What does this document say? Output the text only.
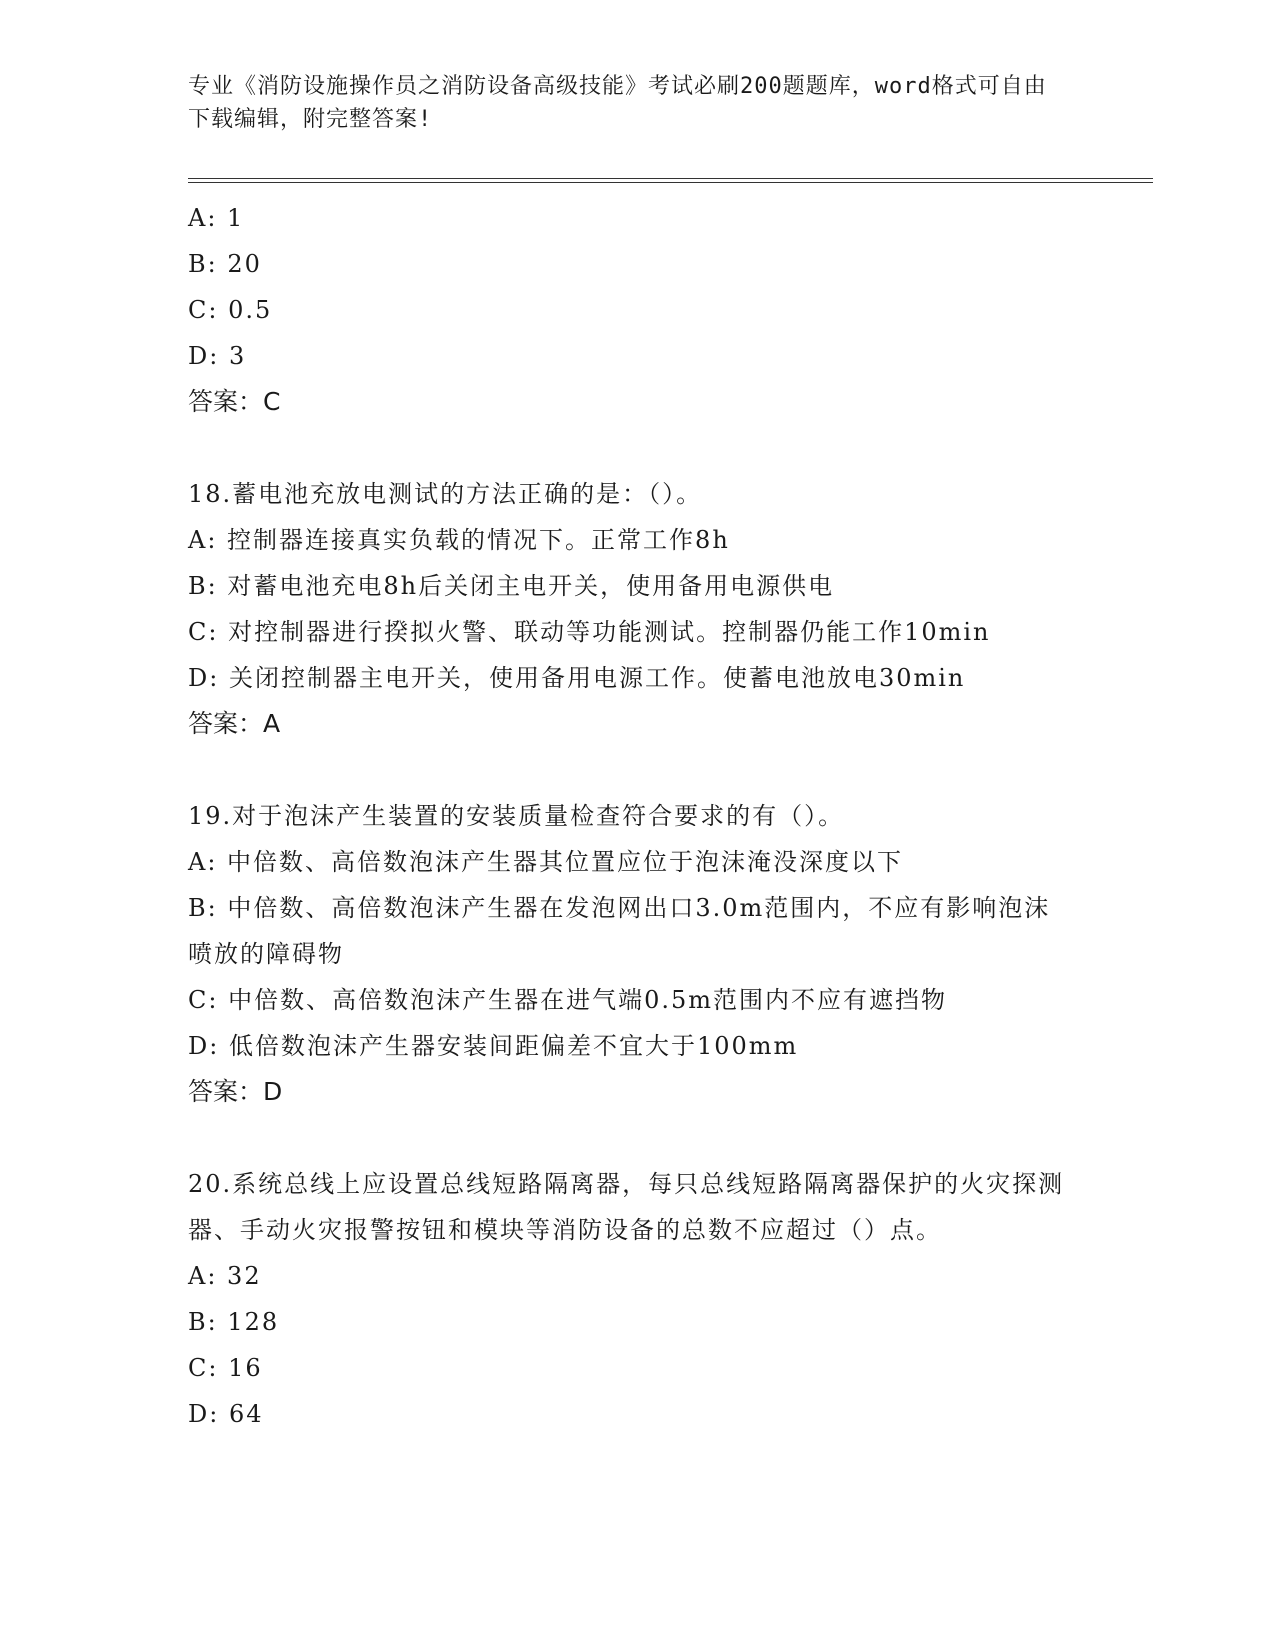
专业《消防设施操作员之消防设备高级技能》考试必刷200题题库，word格式可自由下载编辑，附完整答案!

A: 1
B: 20
C: 0.5
D: 3
答案：C
18.蓄电池充放电测试的方法正确的是：（）。
A: 控制器连接真实负载的情况下。正常工作8h
B: 对蓄电池充电8h后关闭主电开关，使用备用电源供电
C: 对控制器进行揆拟火警、联动等功能测试。控制器仍能工作10min
D: 关闭控制器主电开关，使用备用电源工作。使蓄电池放电30min
答案：A
19.对于泡沫产生装置的安装质量检查符合要求的有（）。
A: 中倍数、高倍数泡沫产生器其位置应位于泡沫淹没深度以下
B: 中倍数、高倍数泡沫产生器在发泡网出口3.0m范围内，不应有影响泡沫喷放的障碍物
C: 中倍数、高倍数泡沫产生器在进气端0.5m范围内不应有遮挡物
D: 低倍数泡沫产生器安装间距偏差不宜大于100mm
答案：D
20.系统总线上应设置总线短路隔离器，每只总线短路隔离器保护的火灾探测器、手动火灾报警按钮和模块等消防设备的总数不应超过（）点。
A: 32
B: 128
C: 16
D: 64
